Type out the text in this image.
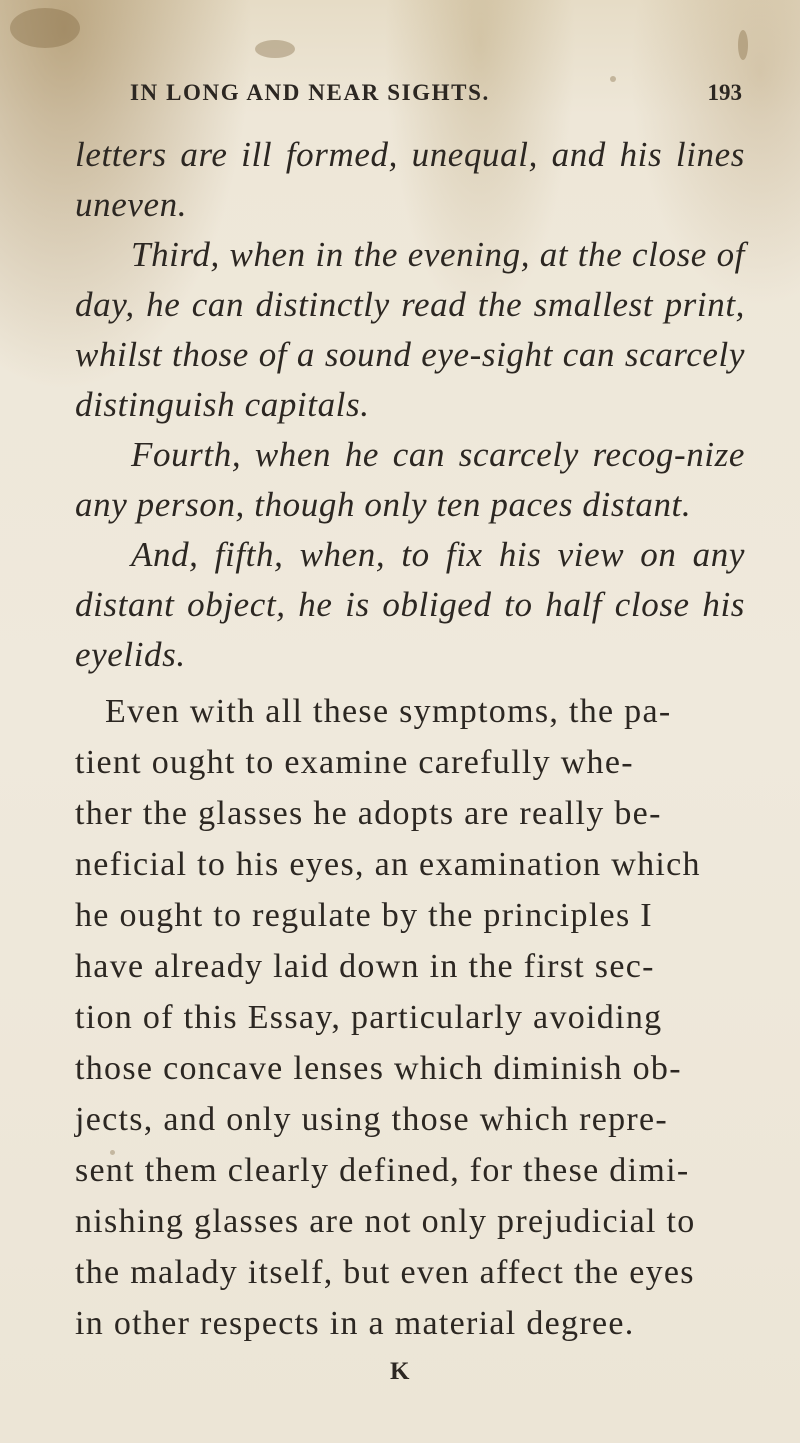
IN LONG AND NEAR SIGHTS.	193

letters are ill formed, unequal, and his lines uneven.

Third, when in the evening, at the close of day, he can distinctly read the smallest print, whilst those of a sound eye-sight can scarcely distinguish capitals.

Fourth, when he can scarcely recog-nize any person, though only ten paces distant.

And, fifth, when, to fix his view on any distant object, he is obliged to half close his eyelids.

Even with all these symptoms, the pa-
tient ought to examine carefully whe-
ther the glasses he adopts are really be-
neficial to his eyes, an examination which
he ought to regulate by the principles I
have already laid down in the first sec-
tion of this Essay, particularly avoiding
those concave lenses which diminish ob-
jects, and only using those which repre-
sent them clearly defined, for these dimi-
nishing glasses are not only prejudicial to
the malady itself, but even affect the eyes
in other respects in a material degree.
K
